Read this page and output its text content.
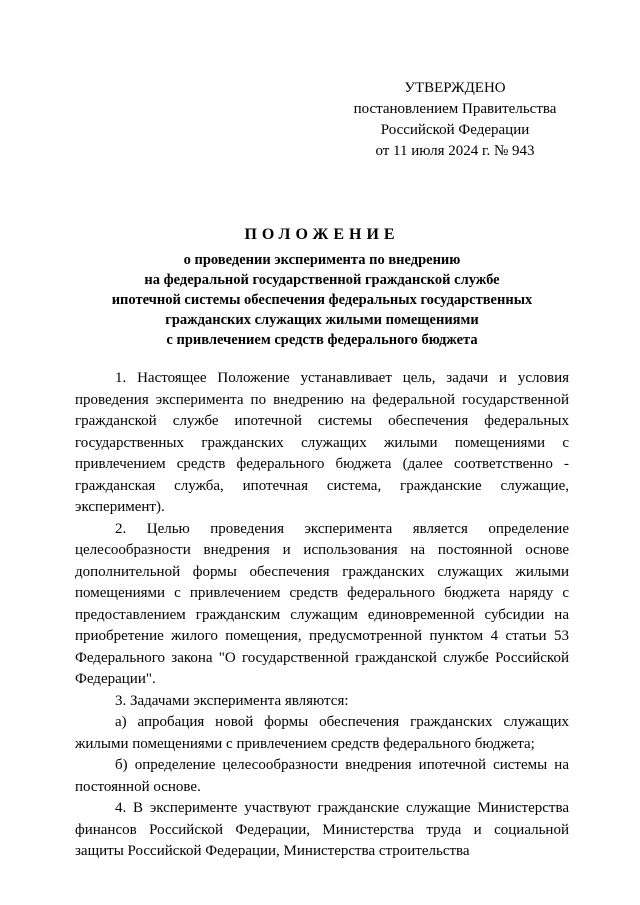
УТВЕРЖДЕНО
постановлением Правительства
Российской Федерации
от 11 июля 2024 г. № 943
ПОЛОЖЕНИЕ
о проведении эксперимента по внедрению
на федеральной государственной гражданской службе
ипотечной системы обеспечения федеральных государственных
гражданских служащих жилыми помещениями
с привлечением средств федерального бюджета

1. Настоящее Положение устанавливает цель, задачи и условия проведения эксперимента по внедрению на федеральной государственной гражданской службе ипотечной системы обеспечения федеральных государственных гражданских служащих жилыми помещениями с привлечением средств федерального бюджета (далее соответственно - гражданская служба, ипотечная система, гражданские служащие, эксперимент).

2. Целью проведения эксперимента является определение целесообразности внедрения и использования на постоянной основе дополнительной формы обеспечения гражданских служащих жилыми помещениями с привлечением средств федерального бюджета наряду с предоставлением гражданским служащим единовременной субсидии на приобретение жилого помещения, предусмотренной пунктом 4 статьи 53 Федерального закона "О государственной гражданской службе Российской Федерации".

3. Задачами эксперимента являются:

а) апробация новой формы обеспечения гражданских служащих жилыми помещениями с привлечением средств федерального бюджета;

б) определение целесообразности внедрения ипотечной системы на постоянной основе.

4. В эксперименте участвуют гражданские служащие Министерства финансов Российской Федерации, Министерства труда и социальной защиты Российской Федерации, Министерства строительства
